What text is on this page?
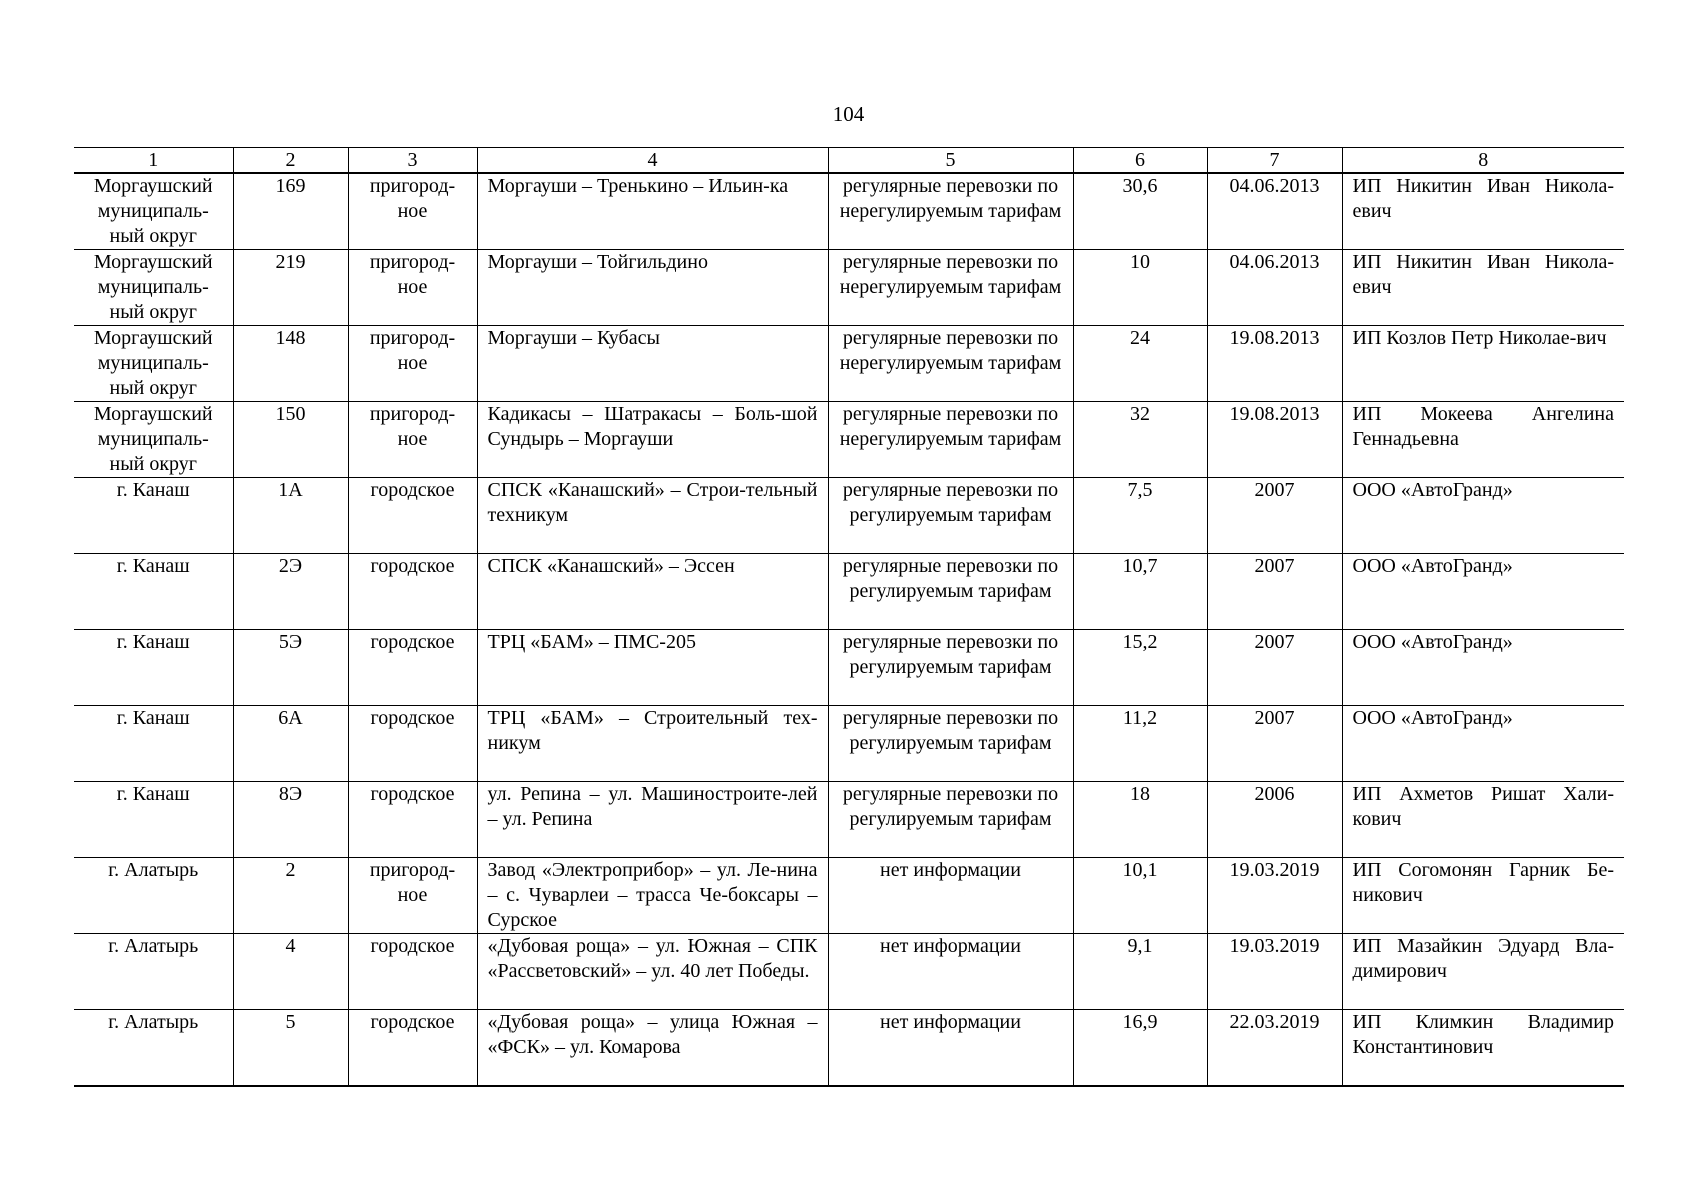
104
1	2	3	4	5	6	7	8
Моргаушский муниципаль-ный округ	169	пригород-ное	Моргауши – Тренькино – Ильин-ка	регулярные перевозки по нерегулируемым тарифам	30,6	04.06.2013	ИП Никитин Иван Никола-евич
Моргаушский муниципаль-ный округ	219	пригород-ное	Моргауши – Тойгильдино	регулярные перевозки по нерегулируемым тарифам	10	04.06.2013	ИП Никитин Иван Никола-евич
Моргаушский муниципаль-ный округ	148	пригород-ное	Моргауши – Кубасы	регулярные перевозки по нерегулируемым тарифам	24	19.08.2013	ИП Козлов Петр Николае-вич
Моргаушский муниципаль-ный округ	150	пригород-ное	Кадикасы – Шатракасы – Боль-шой Сундырь – Моргауши	регулярные перевозки по нерегулируемым тарифам	32	19.08.2013	ИП Мокеева Ангелина Геннадьевна
г. Канаш	1А	городское	СПСК «Канашский» – Строи-тельный техникум	регулярные перевозки по регулируемым тарифам	7,5	2007	ООО «АвтоГранд»
г. Канаш	2Э	городское	СПСК «Канашский» – Эссен	регулярные перевозки по регулируемым тарифам	10,7	2007	ООО «АвтоГранд»
г. Канаш	5Э	городское	ТРЦ «БАМ» – ПМС-205	регулярные перевозки по регулируемым тарифам	15,2	2007	ООО «АвтоГранд»
г. Канаш	6А	городское	ТРЦ «БАМ» – Строительный тех-никум	регулярные перевозки по регулируемым тарифам	11,2	2007	ООО «АвтоГранд»
г. Канаш	8Э	городское	ул. Репина – ул. Машиностроите-лей – ул. Репина	регулярные перевозки по регулируемым тарифам	18	2006	ИП Ахметов Ришат Хали-кович
г. Алатырь	2	пригород-ное	Завод «Электроприбор» – ул. Ле-нина – с. Чуварлеи – трасса Че-боксары – Сурское	нет информации	10,1	19.03.2019	ИП Согомонян Гарник Бе-никович
г. Алатырь	4	городское	«Дубовая роща» – ул. Южная – СПК «Рассветовский» – ул. 40 лет Победы.	нет информации	9,1	19.03.2019	ИП Мазайкин Эдуард Вла-димирович
г. Алатырь	5	городское	«Дубовая роща» – улица Южная – «ФСК» – ул. Комарова	нет информации	16,9	22.03.2019	ИП Климкин Владимир Константинович
